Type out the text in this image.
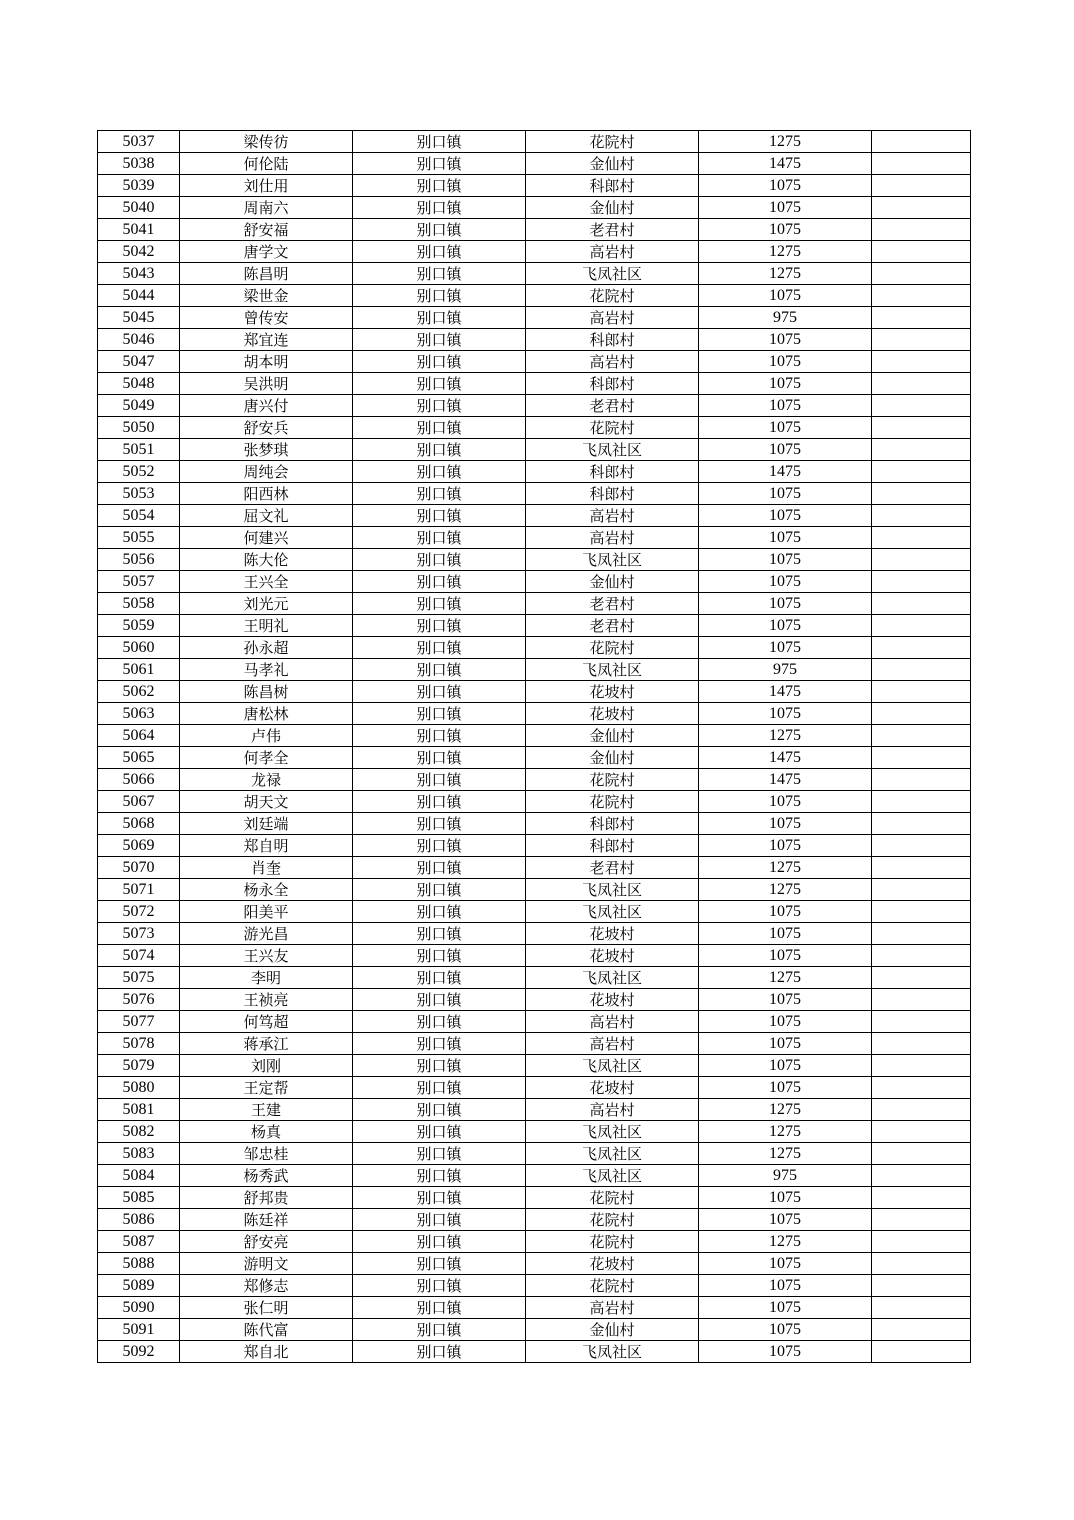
5037	梁传彷	别口镇	花院村	1275	
5038	何伦陆	别口镇	金仙村	1475	
5039	刘仕用	别口镇	科郎村	1075	
5040	周南六	别口镇	金仙村	1075	
5041	舒安福	别口镇	老君村	1075	
5042	唐学文	别口镇	高岩村	1275	
5043	陈昌明	别口镇	飞凤社区	1275	
5044	梁世金	别口镇	花院村	1075	
5045	曾传安	别口镇	高岩村	975	
5046	郑宜连	别口镇	科郎村	1075	
5047	胡本明	别口镇	高岩村	1075	
5048	吴洪明	别口镇	科郎村	1075	
5049	唐兴付	别口镇	老君村	1075	
5050	舒安兵	别口镇	花院村	1075	
5051	张梦琪	别口镇	飞凤社区	1075	
5052	周纯会	别口镇	科郎村	1475	
5053	阳西林	别口镇	科郎村	1075	
5054	屈文礼	别口镇	高岩村	1075	
5055	何建兴	别口镇	高岩村	1075	
5056	陈大伦	别口镇	飞凤社区	1075	
5057	王兴全	别口镇	金仙村	1075	
5058	刘光元	别口镇	老君村	1075	
5059	王明礼	别口镇	老君村	1075	
5060	孙永超	别口镇	花院村	1075	
5061	马孝礼	别口镇	飞凤社区	975	
5062	陈昌树	别口镇	花坡村	1475	
5063	唐松林	别口镇	花坡村	1075	
5064	卢伟	别口镇	金仙村	1275	
5065	何孝全	别口镇	金仙村	1475	
5066	龙禄	别口镇	花院村	1475	
5067	胡天文	别口镇	花院村	1075	
5068	刘廷端	别口镇	科郎村	1075	
5069	郑自明	别口镇	科郎村	1075	
5070	肖奎	别口镇	老君村	1275	
5071	杨永全	别口镇	飞凤社区	1275	
5072	阳美平	别口镇	飞凤社区	1075	
5073	游光昌	别口镇	花坡村	1075	
5074	王兴友	别口镇	花坡村	1075	
5075	李明	别口镇	飞凤社区	1275	
5076	王祯亮	别口镇	花坡村	1075	
5077	何笃超	别口镇	高岩村	1075	
5078	蒋承江	别口镇	高岩村	1075	
5079	刘刚	别口镇	飞凤社区	1075	
5080	王定帮	别口镇	花坡村	1075	
5081	王建	别口镇	高岩村	1275	
5082	杨真	别口镇	飞凤社区	1275	
5083	邹忠桂	别口镇	飞凤社区	1275	
5084	杨秀武	别口镇	飞凤社区	975	
5085	舒邦贵	别口镇	花院村	1075	
5086	陈廷祥	别口镇	花院村	1075	
5087	舒安亮	别口镇	花院村	1275	
5088	游明文	别口镇	花坡村	1075	
5089	郑修志	别口镇	花院村	1075	
5090	张仁明	别口镇	高岩村	1075	
5091	陈代富	别口镇	金仙村	1075	
5092	郑自北	别口镇	飞凤社区	1075	
